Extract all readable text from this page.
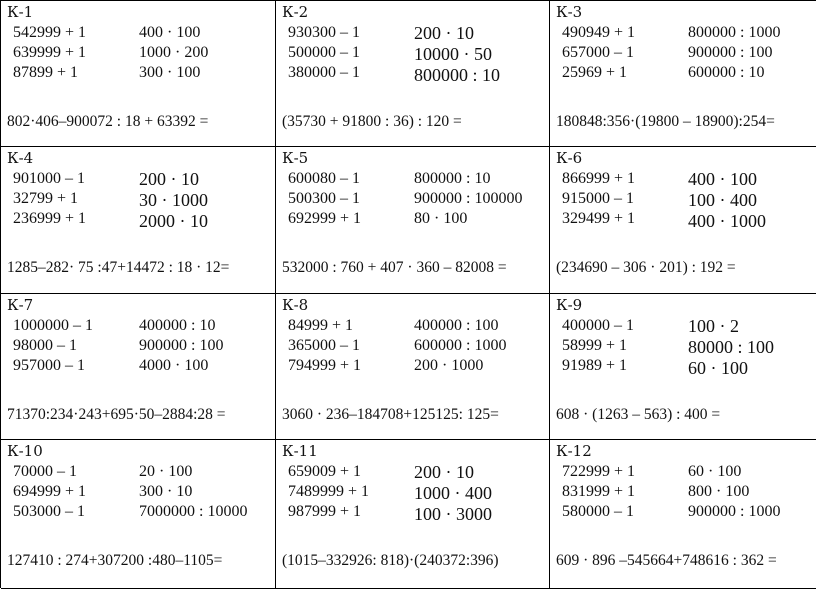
К-1
542999 + 1
639999 + 1
87899 + 1
400 · 100
1000 · 200
300 · 100
802·406–900072 : 18 + 63392 =
К-2
930300 – 1
500000 – 1
380000 – 1
200 · 10
10000 · 50
800000 : 10
(35730 + 91800 : 36) : 120 =
К-3
490949 + 1
657000 – 1
25969 + 1
800000 : 1000
900000 : 100
600000 : 10
180848:356·(19800 – 18900):254=
К-4
901000 – 1
32799 + 1
236999 + 1
200 · 10
30 · 1000
2000 · 10
1285–282· 75 :47+14472 : 18 · 12=
К-5
600080 – 1
500300 – 1
692999 + 1
800000 : 10
900000 : 100000
80 · 100
532000 : 760 + 407 · 360 – 82008 =
К-6
866999 + 1
915000 – 1
329499 + 1
400 · 100
100 · 400
400 · 1000
(234690 – 306 · 201) : 192 =
К-7
1000000 – 1
98000 – 1
957000 – 1
400000 : 10
900000 : 100
4000 · 100
71370:234·243+695·50–2884:28 =
К-8
84999 + 1
365000 – 1
794999 + 1
400000 : 100
600000 : 1000
200 · 1000
3060 · 236–184708+125125: 125=
К-9
400000 – 1
58999 + 1
91989 + 1
100 · 2
80000 : 100
60 · 100
608 · (1263 – 563) : 400 =
К-10
70000 – 1
694999 + 1
503000 – 1
20 · 100
300 · 10
7000000 : 10000
127410 : 274+307200 :480–1105=
К-11
659009 + 1
7489999 + 1
987999 + 1
200 · 10
1000 · 400
100 · 3000
(1015–332926: 818)·(240372:396)
К-12
722999 + 1
831999 + 1
580000 – 1
60 · 100
800 · 100
900000 : 1000
609 · 896 –545664+748616 : 362 =
